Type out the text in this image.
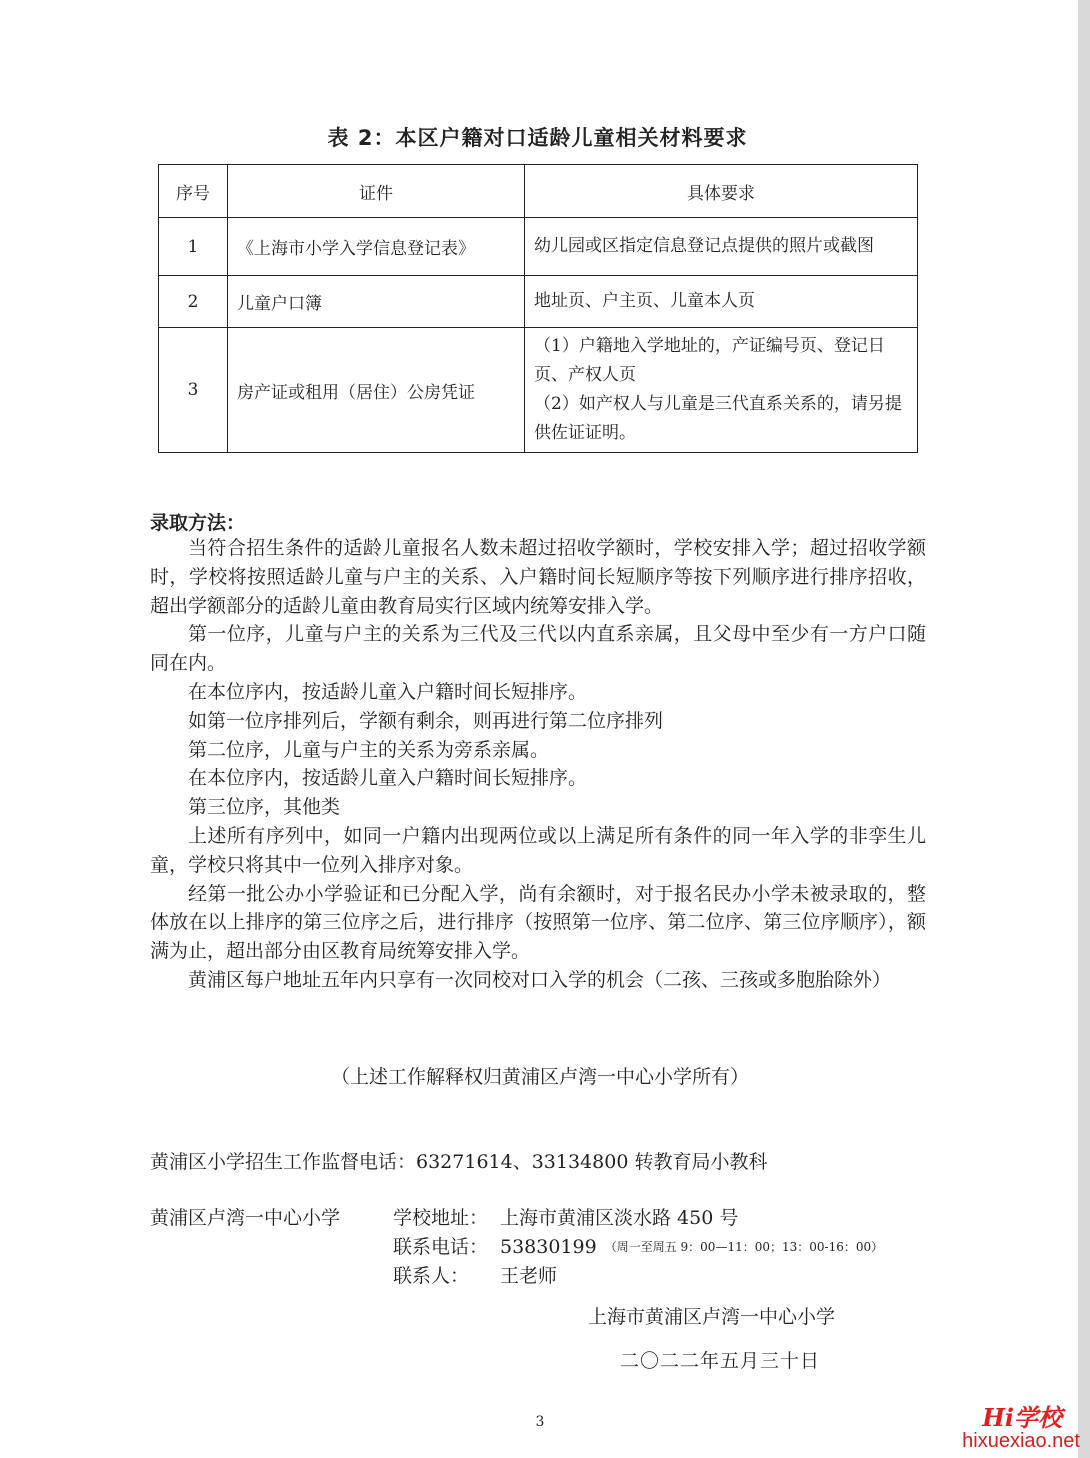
表 2：本区户籍对口适龄儿童相关材料要求
序号	证件	具体要求
1	《上海市小学入学信息登记表》	幼儿园或区指定信息登记点提供的照片或截图
2	儿童户口簿	地址页、户主页、儿童本人页
3	房产证或租用（居住）公房凭证	（1）户籍地入学地址的，产证编号页、登记日页、产权人页
（2）如产权人与儿童是三代直系关系的，请另提供佐证证明。
录取方法：

当符合招生条件的适龄儿童报名人数未超过招收学额时，学校安排入学；超过招收学额时，学校将按照适龄儿童与户主的关系、入户籍时间长短顺序等按下列顺序进行排序招收，超出学额部分的适龄儿童由教育局实行区域内统筹安排入学。

第一位序，儿童与户主的关系为三代及三代以内直系亲属，且父母中至少有一方户口随同在内。

在本位序内，按适龄儿童入户籍时间长短排序。

如第一位序排列后，学额有剩余，则再进行第二位序排列

第二位序，儿童与户主的关系为旁系亲属。

在本位序内，按适龄儿童入户籍时间长短排序。

第三位序，其他类

上述所有序列中，如同一户籍内出现两位或以上满足所有条件的同一年入学的非孪生儿童，学校只将其中一位列入排序对象。

经第一批公办小学验证和已分配入学，尚有余额时，对于报名民办小学未被录取的，整体放在以上排序的第三位序之后，进行排序（按照第一位序、第二位序、第三位序顺序），额满为止，超出部分由区教育局统筹安排入学。

黄浦区每户地址五年内只享有一次同校对口入学的机会（二孩、三孩或多胞胎除外）

（上述工作解释权归黄浦区卢湾一中心小学所有）
黄浦区小学招生工作监督电话：63271614、33134800 转教育局小教科
黄浦区卢湾一中心小学	学校地址： 上海市黄浦区淡水路 450 号
联系电话： 53830199 （周一至周五 9：00—11：00；13：00-16：00）
联系人：	王老师
上海市黄浦区卢湾一中心小学
二〇二二年五月三十日
3	Hi学校
hixuexiao.net
